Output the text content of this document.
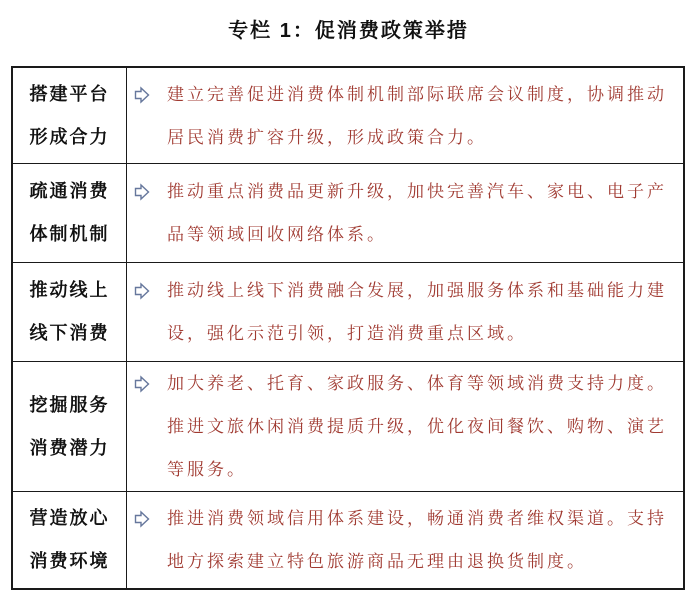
专栏 1：促消费政策举措
搭建平台
形成合力

建立完善促进消费体制机制部际联席会议制度，协调推动居民消费扩容升级，形成政策合力。

疏通消费
体制机制

推动重点消费品更新升级，加快完善汽车、家电、电子产品等领域回收网络体系。

推动线上
线下消费

推动线上线下消费融合发展，加强服务体系和基础能力建设，强化示范引领，打造消费重点区域。

挖掘服务
消费潜力

加大养老、托育、家政服务、体育等领域消费支持力度。推进文旅休闲消费提质升级，优化夜间餐饮、购物、演艺等服务。

营造放心
消费环境

推进消费领域信用体系建设，畅通消费者维权渠道。支持地方探索建立特色旅游商品无理由退换货制度。
